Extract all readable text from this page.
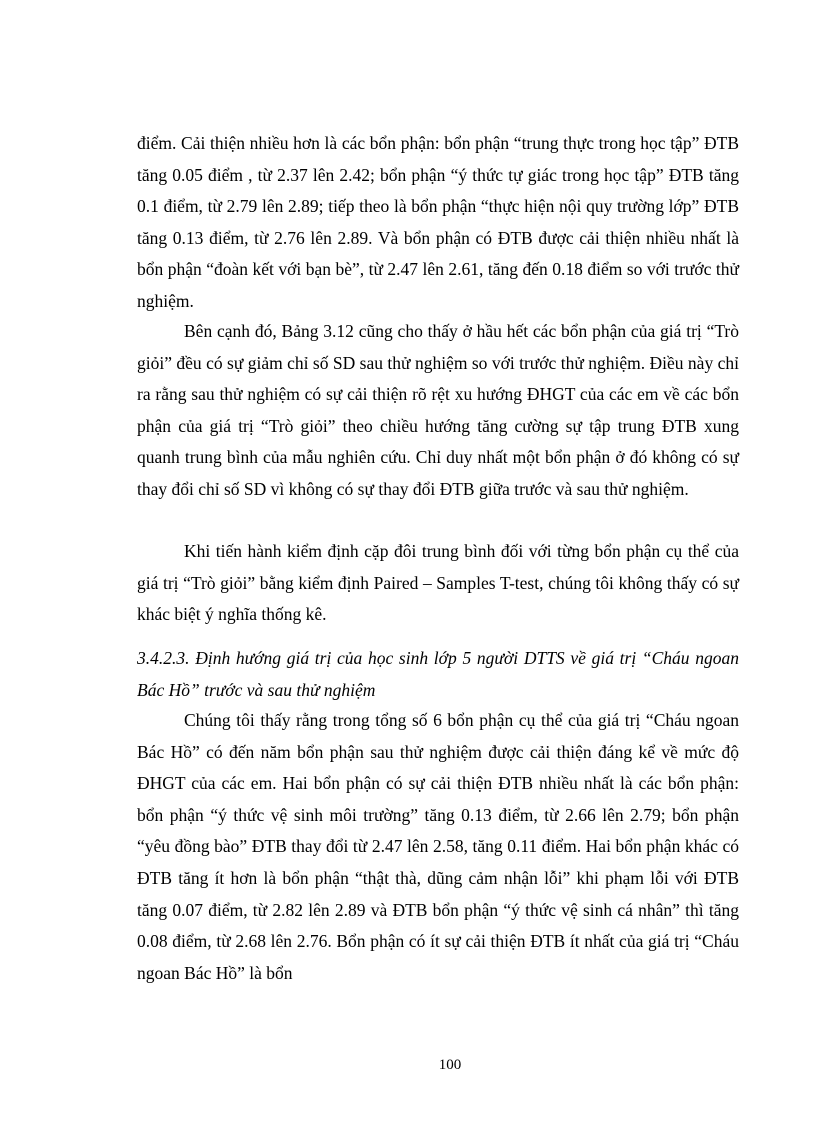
điểm. Cải thiện nhiều hơn là các bổn phận: bổn phận “trung thực trong học tập” ĐTB tăng 0.05 điểm , từ 2.37 lên 2.42; bổn phận “ý thức tự giác trong học tập” ĐTB tăng 0.1 điểm, từ 2.79 lên 2.89; tiếp theo là bổn phận “thực hiện nội quy trường lớp” ĐTB tăng 0.13 điểm, từ 2.76 lên 2.89. Và bổn phận có ĐTB được cải thiện nhiều nhất là bổn phận “đoàn kết với bạn bè”, từ 2.47 lên 2.61, tăng đến 0.18 điểm so với trước thử nghiệm.
Bên cạnh đó, Bảng 3.12 cũng cho thấy ở hầu hết các bổn phận của giá trị “Trò giỏi” đều có sự giảm chỉ số SD sau thử nghiệm so với trước thử nghiệm. Điều này chỉ ra rằng sau thử nghiệm có sự cải thiện rõ rệt xu hướng ĐHGT của các em về các bổn phận của giá trị “Trò giỏi” theo chiều hướng tăng cường sự tập trung ĐTB xung quanh trung bình của mẫu nghiên cứu. Chỉ duy nhất một bổn phận ở đó không có sự thay đổi chỉ số SD vì không có sự thay đổi ĐTB giữa trước và sau thử nghiệm.
Khi tiến hành kiểm định cặp đôi trung bình đối với từng bổn phận cụ thể của giá trị “Trò giỏi” bằng kiểm định Paired – Samples T-test, chúng tôi không thấy có sự khác biệt ý nghĩa thống kê.
3.4.2.3. Định hướng giá trị của học sinh lớp 5 người DTTS về giá trị “Cháu ngoan Bác Hồ” trước và sau thử nghiệm
Chúng tôi thấy rằng trong tổng số 6 bổn phận cụ thể của giá trị “Cháu ngoan Bác Hồ” có đến năm bổn phận sau thử nghiệm được cải thiện đáng kể về mức độ ĐHGT của các em. Hai bổn phận có sự cải thiện ĐTB nhiều nhất là các bổn phận: bổn phận “ý thức vệ sinh môi trường” tăng 0.13 điểm, từ 2.66 lên 2.79; bổn phận “yêu đồng bào” ĐTB thay đổi từ 2.47 lên 2.58, tăng 0.11 điểm. Hai bổn phận khác có ĐTB tăng ít hơn là bổn phận “thật thà, dũng cảm nhận lỗi” khi phạm lỗi với ĐTB tăng 0.07 điểm, từ 2.82 lên 2.89 và ĐTB bổn phận “ý thức vệ sinh cá nhân” thì tăng 0.08 điểm, từ 2.68 lên 2.76. Bổn phận có ít sự cải thiện ĐTB ít nhất của giá trị “Cháu ngoan Bác Hồ” là bổn
100
